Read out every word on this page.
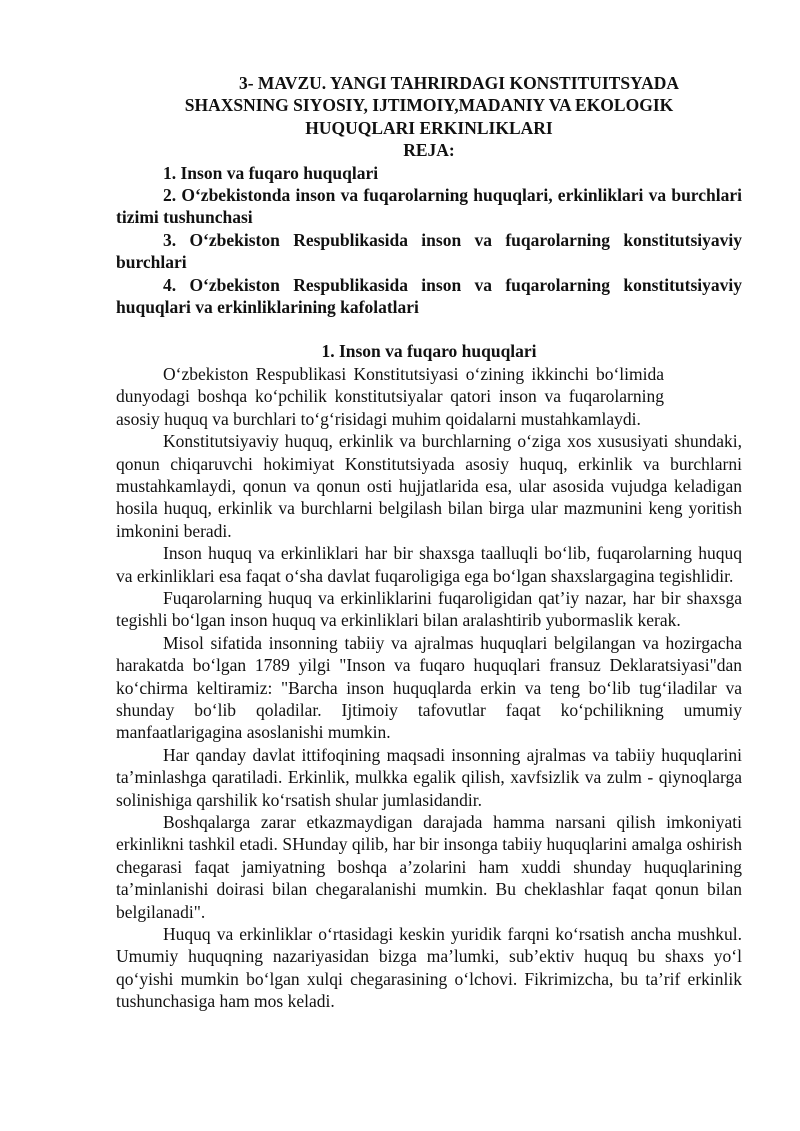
3- MAVZU. YANGI TAHRIRDAGI KONSTITUITSYADA
SHAXSNING SIYOSIY, IJTIMOIY,MADANIY VA EKOLOGIK
HUQUQLARI ERKINLIKLARI

REJA:

1. Inson va fuqaro huquqlari

2. O‘zbekistonda inson va fuqarolarning huquqlari, erkinliklari va burchlari tizimi tushunchasi

3. O‘zbekiston Respublikasida inson va fuqarolarning konstitutsiyaviy burchlari

4. O‘zbekiston Respublikasida inson va fuqarolarning konstitutsiyaviy huquqlari va erkinliklarining kafolatlari

1. Inson va fuqaro huquqlari

O‘zbekiston Respublikasi Konstitutsiyasi o‘zining ikkinchi bo‘limida dunyodagi boshqa ko‘pchilik konstitutsiyalar qatori inson va fuqarolarning asosiy huquq va burchlari to‘g‘risidagi muhim qoidalarni mustahkamlaydi.

Konstitutsiyaviy huquq, erkinlik va burchlarning o‘ziga xos xususiyati shundaki, qonun chiqaruvchi hokimiyat Konstitutsiyada asosiy huquq, erkinlik va burchlarni mustahkamlaydi, qonun va qonun osti hujjatlarida esa, ular asosida vujudga keladigan hosila huquq, erkinlik va burchlarni belgilash bilan birga ular mazmunini keng yoritish imkonini beradi.

Inson huquq va erkinliklari har bir shaxsga taalluqli bo‘lib, fuqarolarning huquq va erkinliklari esa faqat o‘sha davlat fuqaroligiga ega bo‘lgan shaxslargagina tegishlidir.

Fuqarolarning huquq va erkinliklarini fuqaroligidan qat’iy nazar, har bir shaxsga tegishli bo‘lgan inson huquq va erkinliklari bilan aralashtirib yubormaslik kerak.

Misol sifatida insonning tabiiy va ajralmas huquqlari belgilangan va hozirgacha harakatda bo‘lgan 1789 yilgi "Inson va fuqaro huquqlari fransuz Deklaratsiyasi"dan ko‘chirma keltiramiz: "Barcha inson huquqlarda erkin va teng bo‘lib tug‘iladilar va shunday bo‘lib qoladilar. Ijtimoiy tafovutlar faqat ko‘pchilikning umumiy manfaatlarigagina asoslanishi mumkin.

Har qanday davlat ittifoqining maqsadi insonning ajralmas va tabiiy huquqlarini ta’minlashga qaratiladi. Erkinlik, mulkka egalik qilish, xavfsizlik va zulm - qiynoqlarga solinishiga qarshilik ko‘rsatish shular jumlasidandir.

Boshqalarga zarar etkazmaydigan darajada hamma narsani qilish imkoniyati erkinlikni tashkil etadi. SHunday qilib, har bir insonga tabiiy huquqlarini amalga oshirish chegarasi faqat jamiyatning boshqa a’zolarini ham xuddi shunday huquqlarining ta’minlanishi doirasi bilan chegaralanishi mumkin. Bu cheklashlar faqat qonun bilan belgilanadi".

Huquq va erkinliklar o‘rtasidagi keskin yuridik farqni ko‘rsatish ancha mushkul. Umumiy huquqning nazariyasidan bizga ma’lumki, sub’ektiv huquq bu shaxs yo‘l qo‘yishi mumkin bo‘lgan xulqi chegarasining o‘lchovi. Fikrimizcha, bu ta’rif erkinlik tushunchasiga ham mos keladi.
